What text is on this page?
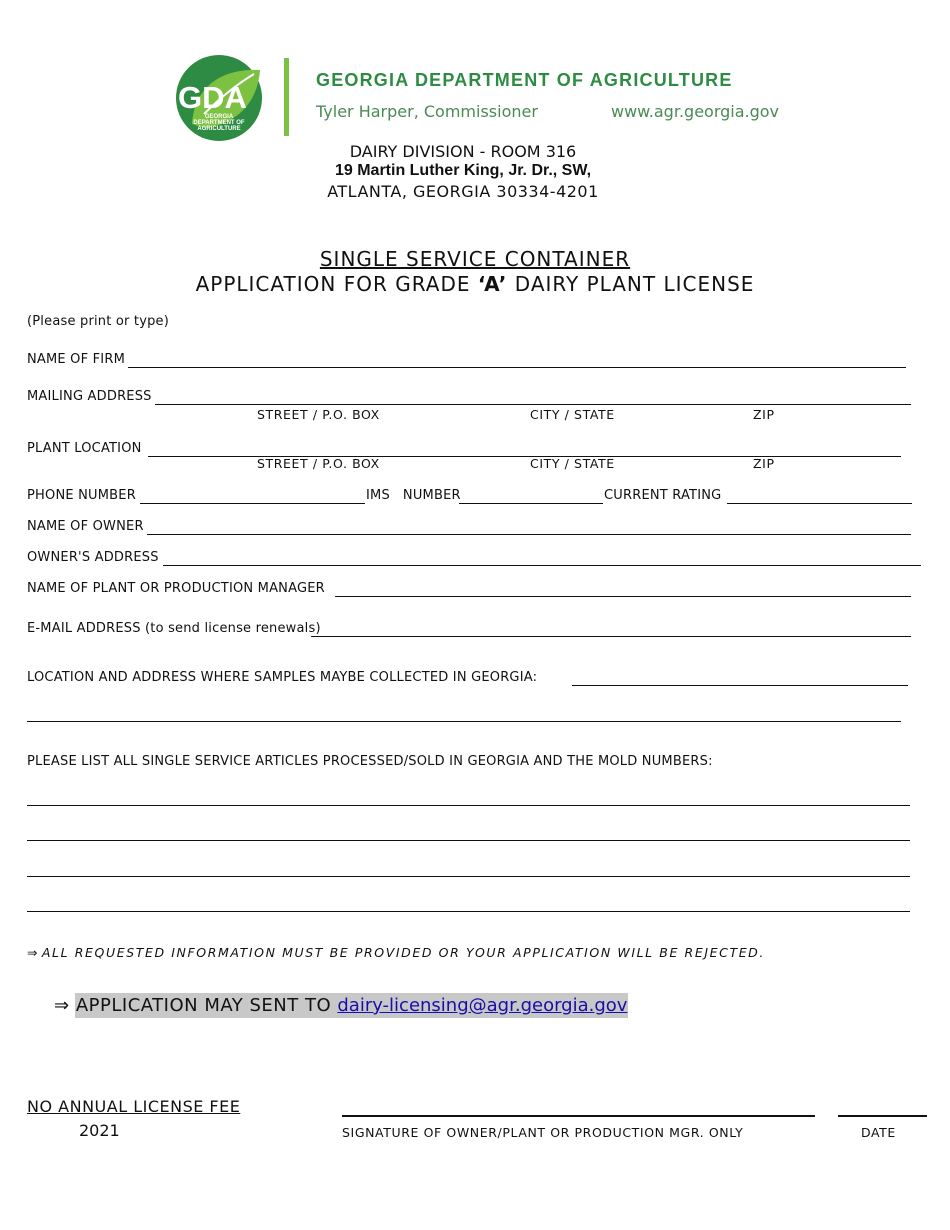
GDA
GEORGIA
DEPARTMENT OF
AGRICULTURE
GEORGIA DEPARTMENT OF AGRICULTURE
Tyler Harper, Commissioner	www.agr.georgia.gov
DAIRY DIVISION - ROOM 316
19 Martin Luther King, Jr. Dr., SW,
ATLANTA, GEORGIA 30334-4201
SINGLE SERVICE CONTAINER
APPLICATION FOR GRADE ‘A’ DAIRY PLANT LICENSE
(Please print or type)
NAME OF FIRM
MAILING ADDRESS
STREET / P.O. BOX	CITY / STATE	ZIP
PLANT LOCATION
STREET / P.O. BOX	CITY / STATE	ZIP
PHONE NUMBER	IMS   NUMBER	CURRENT RATING
NAME OF OWNER
OWNER'S ADDRESS
NAME OF PLANT OR PRODUCTION MANAGER
E-MAIL ADDRESS (to send license renewals)
LOCATION AND ADDRESS WHERE SAMPLES MAYBE COLLECTED IN GEORGIA:
PLEASE LIST ALL SINGLE SERVICE ARTICLES PROCESSED/SOLD IN GEORGIA AND THE MOLD NUMBERS:
⇒ ALL REQUESTED INFORMATION MUST BE PROVIDED OR YOUR APPLICATION WILL BE REJECTED.
⇒ APPLICATION MAY SENT TO dairy-licensing@agr.georgia.gov
NO ANNUAL LICENSE FEE
2021	SIGNATURE OF OWNER/PLANT OR PRODUCTION MGR. ONLY	DATE
